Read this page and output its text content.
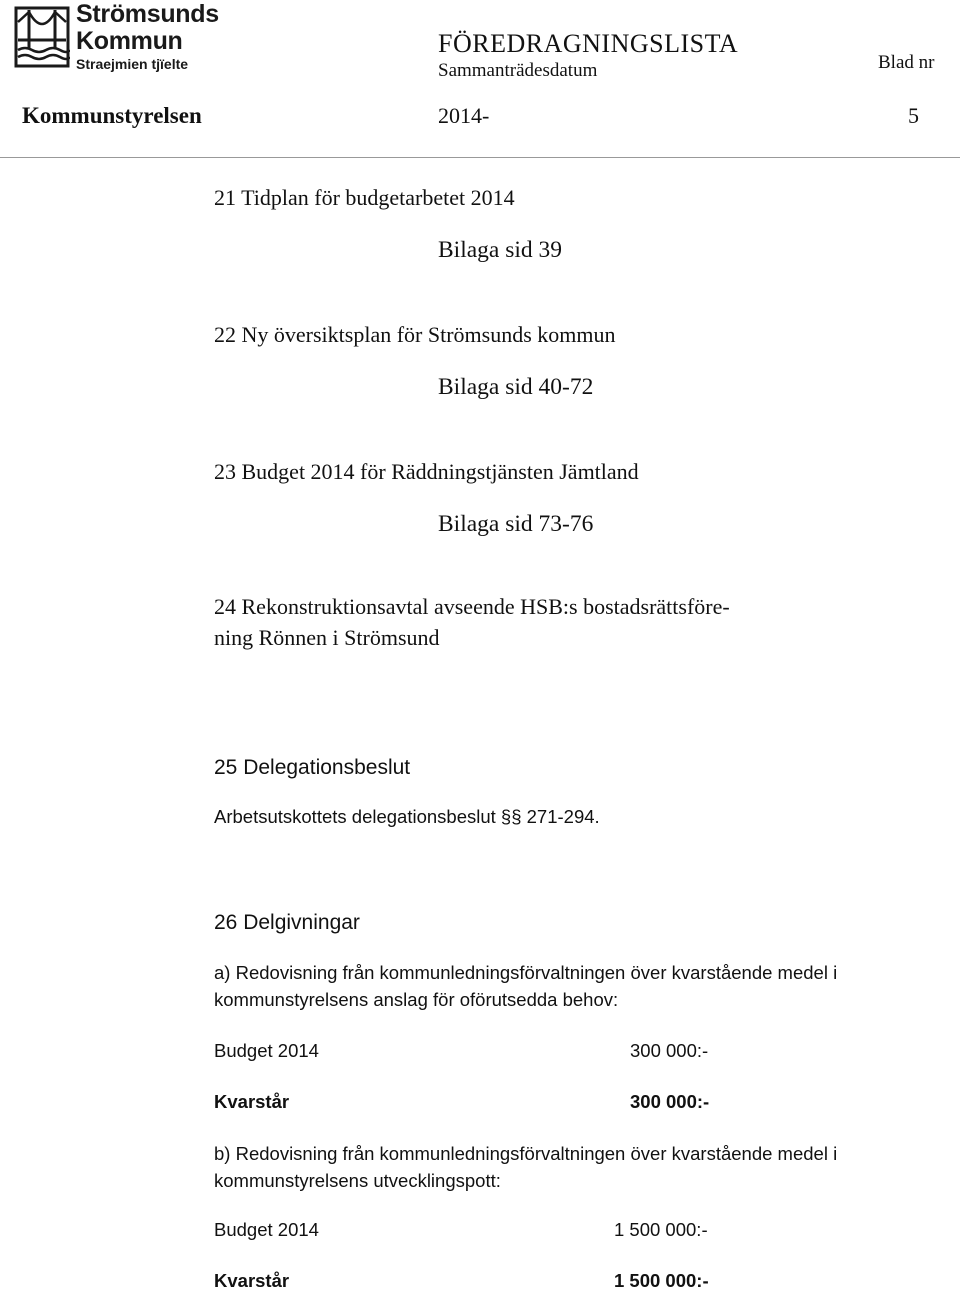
Strömsunds
Kommun
Straejmien tjïelte
FÖREDRAGNINGSLISTA
Sammanträdesdatum	Blad nr
Kommunstyrelsen	2014-	5
21 Tidplan för budgetarbetet 2014
Bilaga sid 39
22 Ny översiktsplan för Strömsunds kommun
Bilaga sid 40-72
23 Budget 2014 för Räddningstjänsten Jämtland
Bilaga sid 73-76
24 Rekonstruktionsavtal avseende HSB:s bostadsrättsföre-
ning Rönnen i Strömsund
25 Delegationsbeslut
Arbetsutskottets delegationsbeslut §§ 271-294.
26 Delgivningar
a) Redovisning från kommunledningsförvaltningen över kvarstående medel i kommunstyrelsens anslag för oförutsedda behov:
Budget 2014	300 000:-
Kvarstår	300 000:-
b) Redovisning från kommunledningsförvaltningen över kvarstående medel i kommunstyrelsens utvecklingspott:
Budget 2014	1 500 000:-
Kvarstår	1 500 000:-
